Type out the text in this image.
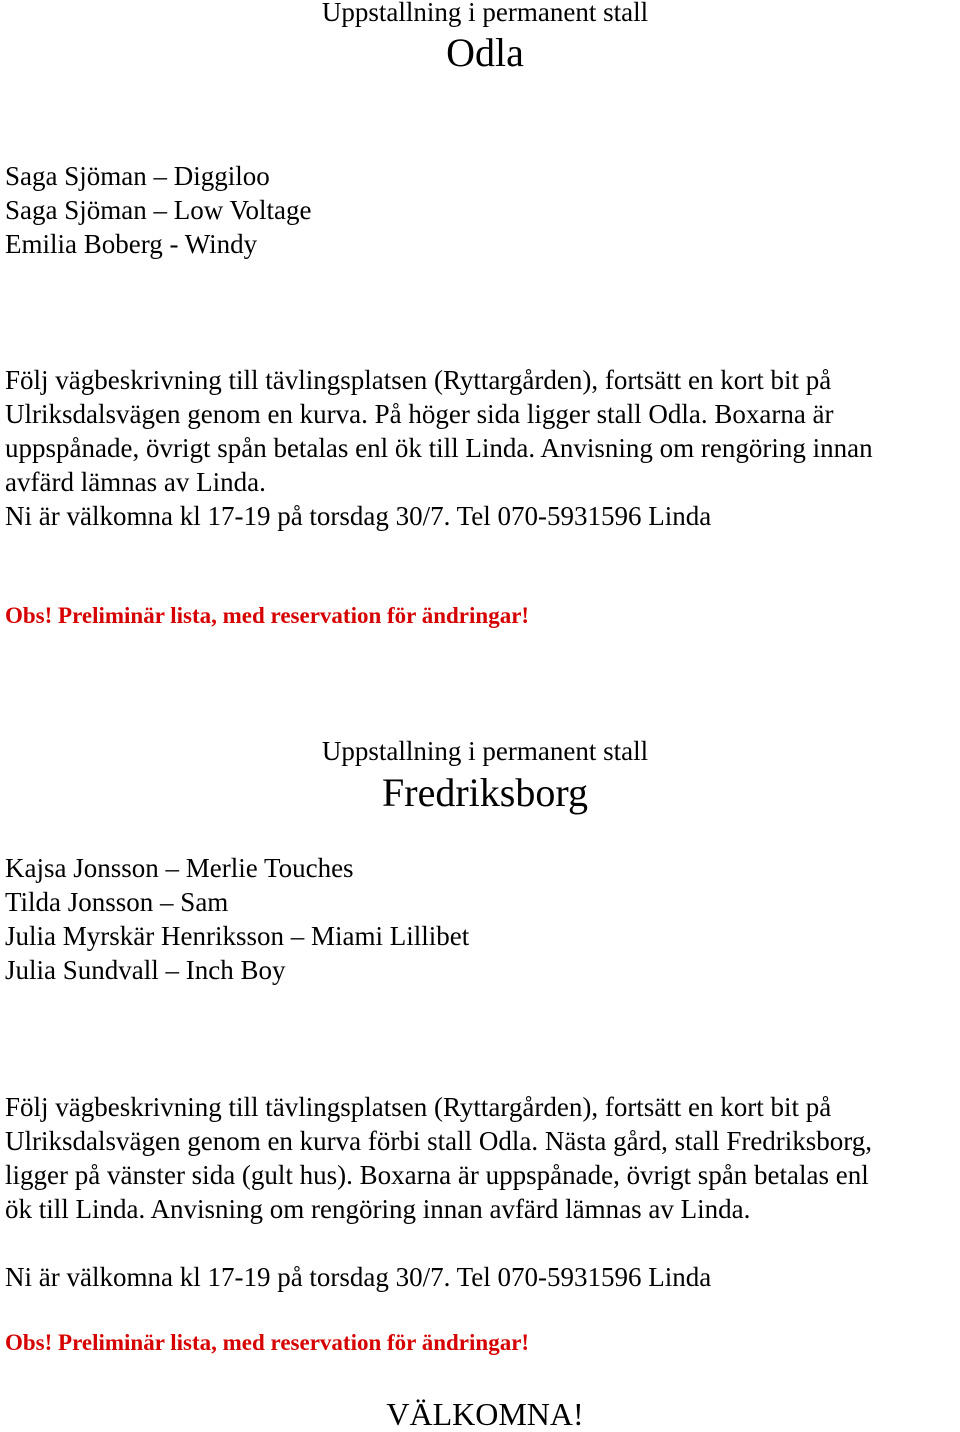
Uppstallning i permanent stall
Odla
Saga Sjöman – Diggiloo
Saga Sjöman – Low Voltage
Emilia Boberg - Windy
Följ vägbeskrivning till tävlingsplatsen (Ryttargården), fortsätt en kort bit på
Ulriksdalsvägen genom en kurva. På höger sida ligger stall Odla. Boxarna är
uppspånade, övrigt spån betalas enl ök till Linda. Anvisning om rengöring innan
avfärd lämnas av Linda.
Ni är välkomna kl 17-19 på torsdag 30/7. Tel 070-5931596 Linda
Obs! Preliminär lista, med reservation för ändringar!
Uppstallning i permanent stall
Fredriksborg
Kajsa Jonsson – Merlie Touches
Tilda Jonsson – Sam
Julia Myrskär Henriksson – Miami Lillibet
Julia Sundvall – Inch Boy
Följ vägbeskrivning till tävlingsplatsen (Ryttargården), fortsätt en kort bit på
Ulriksdalsvägen genom en kurva förbi stall Odla. Nästa gård, stall Fredriksborg,
ligger på vänster sida (gult hus). Boxarna är uppspånade, övrigt spån betalas enl
ök till Linda. Anvisning om rengöring innan avfärd lämnas av Linda.
Ni är välkomna kl 17-19 på torsdag 30/7. Tel 070-5931596 Linda
Obs! Preliminär lista, med reservation för ändringar!
VÄLKOMNA!
